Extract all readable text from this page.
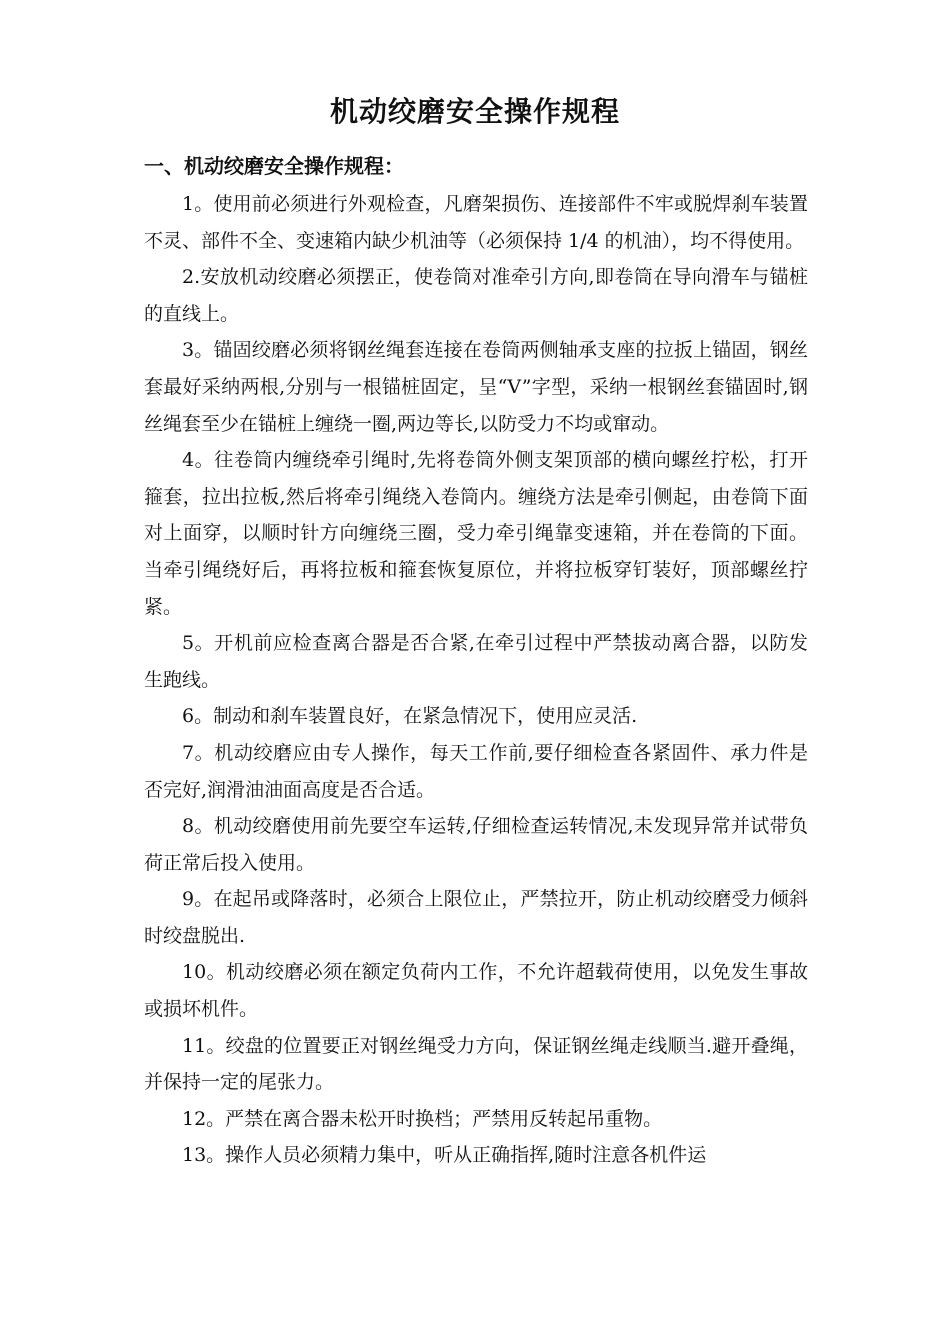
机动绞磨安全操作规程
一、机动绞磨安全操作规程：

1。使用前必须进行外观检查，凡磨架损伤、连接部件不牢或脱焊刹车装置不灵、部件不全、变速箱内缺少机油等（必须保持 1/4 的机油），均不得使用。

2.安放机动绞磨必须摆正，使卷筒对准牵引方向,即卷筒在导向滑车与锚桩的直线上。

3。锚固绞磨必须将钢丝绳套连接在卷筒两侧轴承支座的拉扳上锚固，钢丝套最好采纳两根,分别与一根锚桩固定，呈“V”字型，采纳一根钢丝套锚固时,钢丝绳套至少在锚桩上缠绕一圈,两边等长,以防受力不均或窜动。

4。往卷筒内缠绕牵引绳时,先将卷筒外侧支架顶部的横向螺丝拧松，打开箍套，拉出拉板,然后将牵引绳绕入卷筒内。缠绕方法是牵引侧起，由卷筒下面对上面穿，以顺时针方向缠绕三圈，受力牵引绳靠变速箱，并在卷筒的下面。当牵引绳绕好后，再将拉板和箍套恢复原位，并将拉板穿钉装好，顶部螺丝拧紧。

5。开机前应检查离合器是否合紧,在牵引过程中严禁拔动离合器，以防发生跑线。

6。制动和刹车装置良好，在紧急情况下，使用应灵活.

7。机动绞磨应由专人操作，每天工作前,要仔细检查各紧固件、承力件是否完好,润滑油油面高度是否合适。

8。机动绞磨使用前先要空车运转,仔细检查运转情况,未发现异常并试带负荷正常后投入使用。

9。在起吊或降落时，必须合上限位止，严禁拉开，防止机动绞磨受力倾斜时绞盘脱出.

10。机动绞磨必须在额定负荷内工作，不允许超载荷使用，以免发生事故或损坏机件。

11。绞盘的位置要正对钢丝绳受力方向，保证钢丝绳走线顺当.避开叠绳，并保持一定的尾张力。

12。严禁在离合器未松开时换档；严禁用反转起吊重物。

13。操作人员必须精力集中，听从正确指挥,随时注意各机件运
